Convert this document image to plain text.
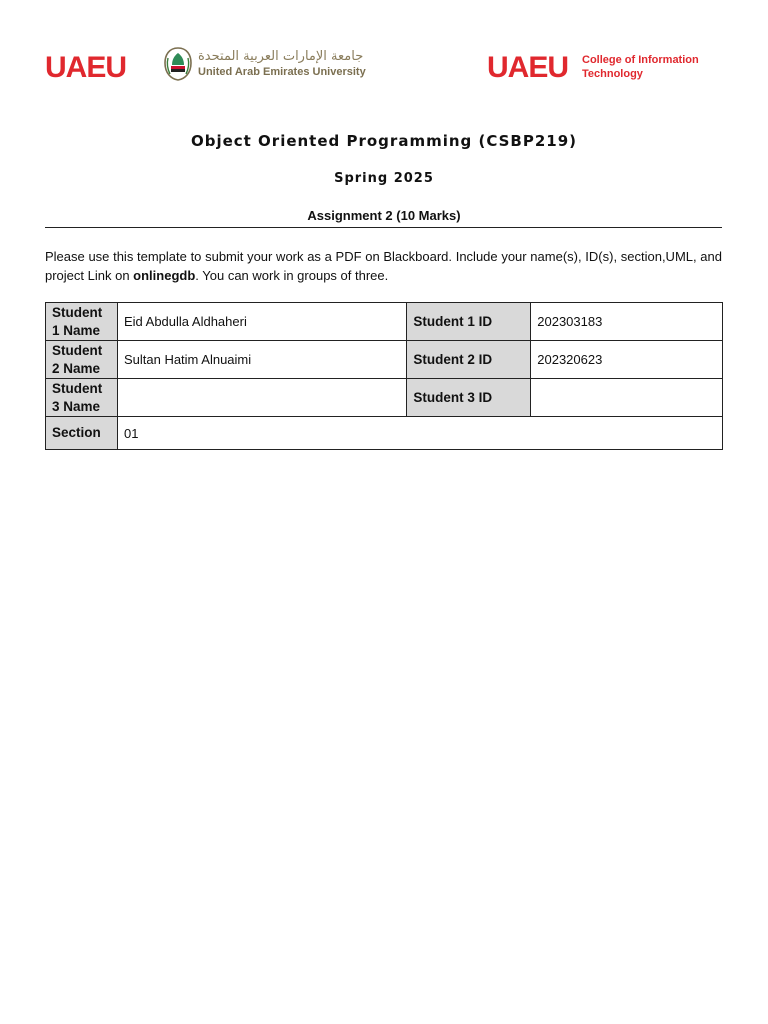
UAEU	جامعة الإمارات العربية المتحدة
United Arab Emirates University	UAEU College of Information
Technology
Object Oriented Programming (CSBP219)
Spring 2025
Assignment 2 (10 Marks)
Please use this template to submit your work as a PDF on Blackboard. Include your name(s), ID(s), section,UML, and project Link on onlinegdb. You can work in groups of three.
Student 1 Name	Eid Abdulla Aldhaheri	Student 1 ID	202303183
Student 2 Name	Sultan Hatim Alnuaimi	Student 2 ID	202320623
Student 3 Name		Student 3 ID	
Section	01		
